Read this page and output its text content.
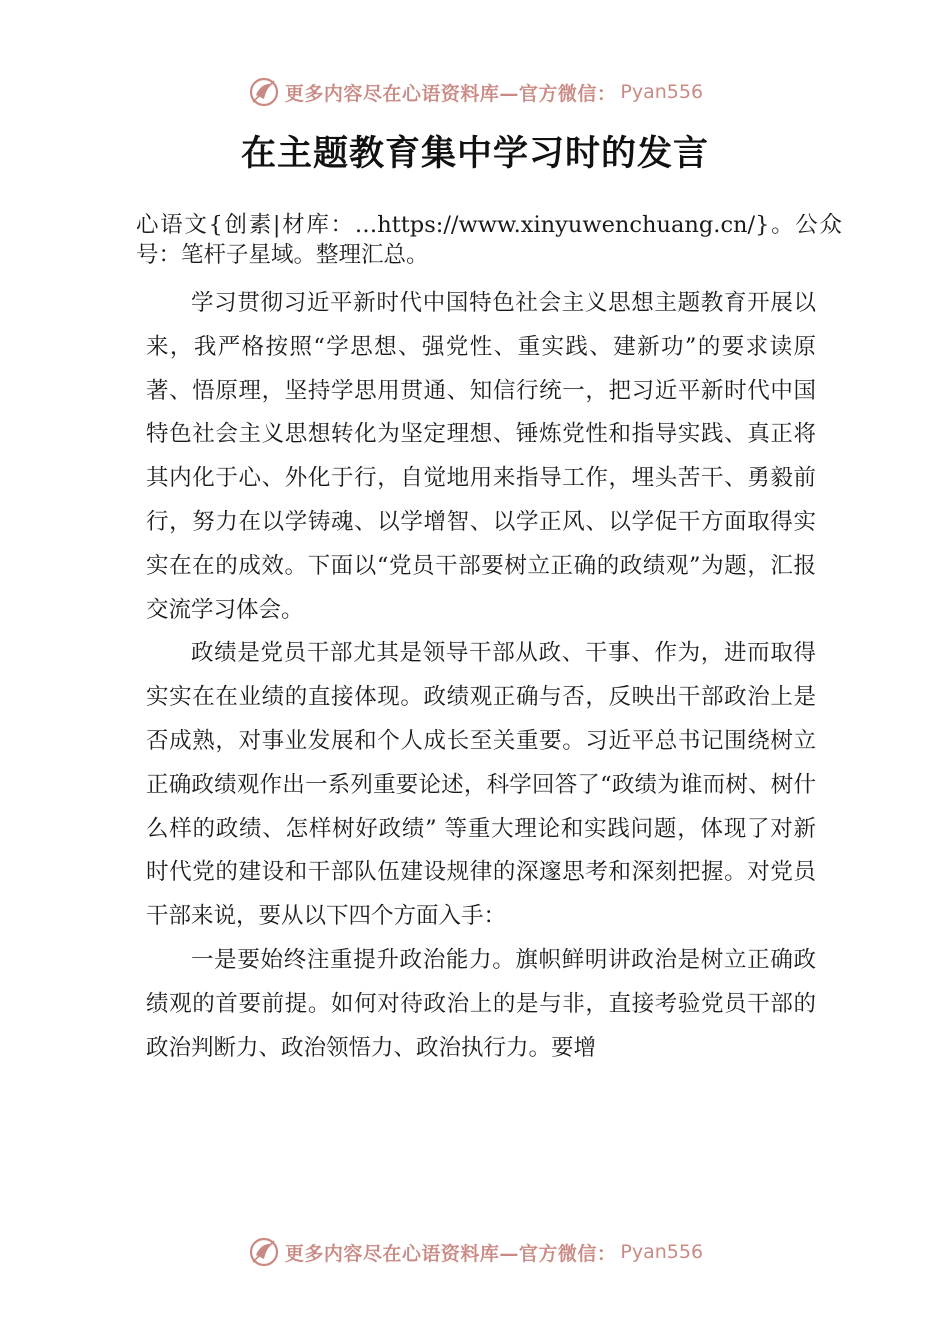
更多内容尽在心语资料库—官方微信： Pyan556
在主题教育集中学习时的发言
心语文{创素|材库：…https://www.xinyuwenchuang.cn/}。公众号：笔杆子星域。整理汇总。

学习贯彻习近平新时代中国特色社会主义思想主题教育开展以来，我严格按照“学思想、强党性、重实践、建新功”的要求读原著、悟原理，坚持学思用贯通、知信行统一，把习近平新时代中国特色社会主义思想转化为坚定理想、锤炼党性和指导实践、真正将其内化于心、外化于行，自觉地用来指导工作，埋头苦干、勇毅前行，努力在以学铸魂、以学增智、以学正风、以学促干方面取得实实在在的成效。下面以“党员干部要树立正确的政绩观”为题，汇报交流学习体会。

政绩是党员干部尤其是领导干部从政、干事、作为，进而取得实实在在业绩的直接体现。政绩观正确与否，反映出干部政治上是否成熟，对事业发展和个人成长至关重要。习近平总书记围绕树立正确政绩观作出一系列重要论述，科学回答了“政绩为谁而树、树什么样的政绩、怎样树好政绩” 等重大理论和实践问题，体现了对新时代党的建设和干部队伍建设规律的深邃思考和深刻把握。对党员干部来说，要从以下四个方面入手：

一是要始终注重提升政治能力。旗帜鲜明讲政治是树立正确政绩观的首要前提。如何对待政治上的是与非，直接考验党员干部的政治判断力、政治领悟力、政治执行力。要增

更多内容尽在心语资料库—官方微信： Pyan556
